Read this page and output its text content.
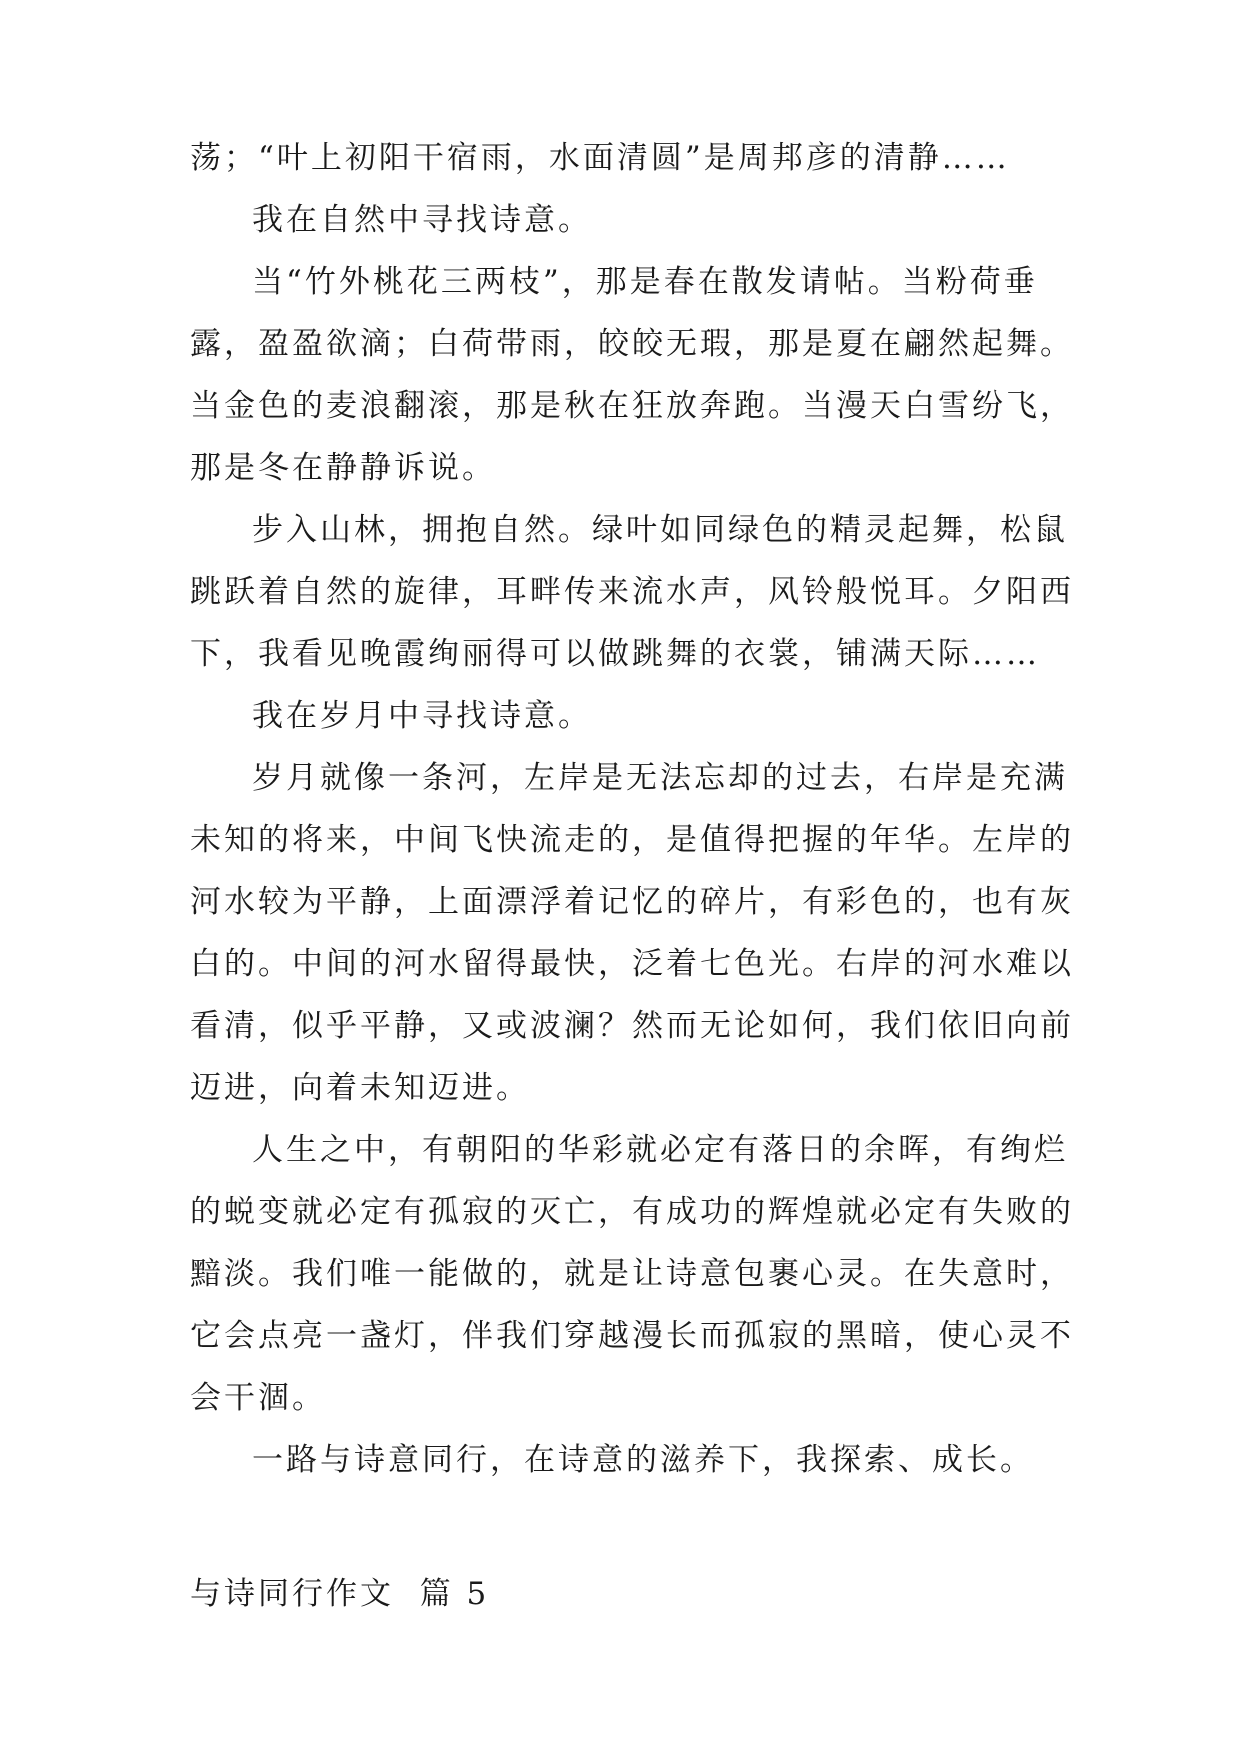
荡；“叶上初阳干宿雨，水面清圆”是周邦彦的清静……

我在自然中寻找诗意。

当“竹外桃花三两枝”，那是春在散发请帖。当粉荷垂

露，盈盈欲滴；白荷带雨，皎皎无瑕，那是夏在翩然起舞。

当金色的麦浪翻滚，那是秋在狂放奔跑。当漫天白雪纷飞，

那是冬在静静诉说。

步入山林，拥抱自然。绿叶如同绿色的精灵起舞，松鼠

跳跃着自然的旋律，耳畔传来流水声，风铃般悦耳。夕阳西

下，我看见晚霞绚丽得可以做跳舞的衣裳，铺满天际……

我在岁月中寻找诗意。

岁月就像一条河，左岸是无法忘却的过去，右岸是充满

未知的将来，中间飞快流走的，是值得把握的年华。左岸的

河水较为平静，上面漂浮着记忆的碎片，有彩色的，也有灰

白的。中间的河水留得最快，泛着七色光。右岸的河水难以

看清，似乎平静，又或波澜？然而无论如何，我们依旧向前

迈进，向着未知迈进。

人生之中，有朝阳的华彩就必定有落日的余晖，有绚烂

的蜕变就必定有孤寂的灭亡，有成功的辉煌就必定有失败的

黯淡。我们唯一能做的，就是让诗意包裹心灵。在失意时，

它会点亮一盏灯，伴我们穿越漫长而孤寂的黑暗，使心灵不

会干涸。

一路与诗意同行，在诗意的滋养下，我探索、成长。

与诗同行作文  篇 5
